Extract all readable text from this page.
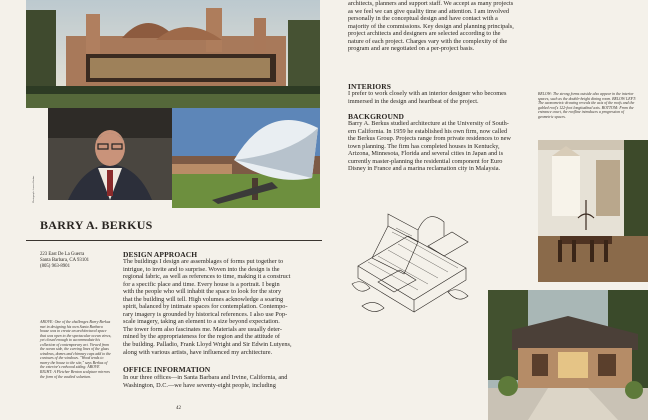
Photograph: Jerome Berkus
BARRY A. BERKUS
223 East De La Guerra
Santa Barbara, CA 93101
(805) 963-8901
ABOVE: One of the challenges Barry Berkus met in designing his own Santa Barbara house was to create an architectural space that was open to the spectacular ocean views, yet closed enough to accommodate his collection of contemporary art. Viewed from the ocean side, the curving lines of the glass windows, domes and chimney caps add to the contours of the windows. "Wood tends to marry the house to the site," says Berkus of the exterior's redwood siding. ABOVE RIGHT: A Fletcher Benton sculpture mirrors the form of the vaulted solarium.
DESIGN APPROACH
The buildings I design are assemblages of forms put together to
intrigue, to invite and to surprise. Woven into the design is the
regional fabric, as well as references to time, making it a construct
for a specific place and time. Every house is a portrait. I begin
with the people who will inhabit the space to look for the story
that the building will tell. High volumes acknowledge a soaring
spirit, balanced by intimate spaces for contemplation. Contempo-
rary imagery is grounded by historical references. I also use Pop-
scale imagery, taking an element to a size beyond expectation.
The tower form also fascinates me. Materials are usually deter-
mined by the appropriateness for the region and the attitude of
the building. Palladio, Frank Lloyd Wright and Sir Edwin Lutyens,
along with various artists, have influenced my architecture.
OFFICE INFORMATION
In our three offices—in Santa Barbara and Irvine, California, and
Washington, D.C.—we have seventy-eight people, including
42
architects, planners and support staff. We accept as many projects
as we feel we can give quality time and attention. I am involved
personally in the conceptual design and have contact with a
majority of the commissions. Key design and planning principals,
project architects and designers are selected according to the
nature of each project. Charges vary with the complexity of the
program and are negotiated on a per-project basis.
INTERIORS
I prefer to work closely with an interior designer who becomes
immersed in the design and heartbeat of the project.
BACKGROUND
Barry A. Berkus studied architecture at the University of South-
ern California. In 1959 he established his own firm, now called
the Berkus Group. Projects range from private residences to new
town planning. The firm has completed houses in Kentucky,
Arizona, Minnesota, Florida and several cities in Japan and is
currently master-planning the residential component for Euro
Disney in France and a marina reclamation city in Malaysia.
BELOW: The strong forms outside also appear in the interior spaces, such as the double-height dining room. BELOW LEFT: The axonometric drawing reveals the axis of the roofs and the gabled roof's 122-foot longitudinal axis. BOTTOM: From the entrance court, the roofline introduces a progression of geometric spaces.
